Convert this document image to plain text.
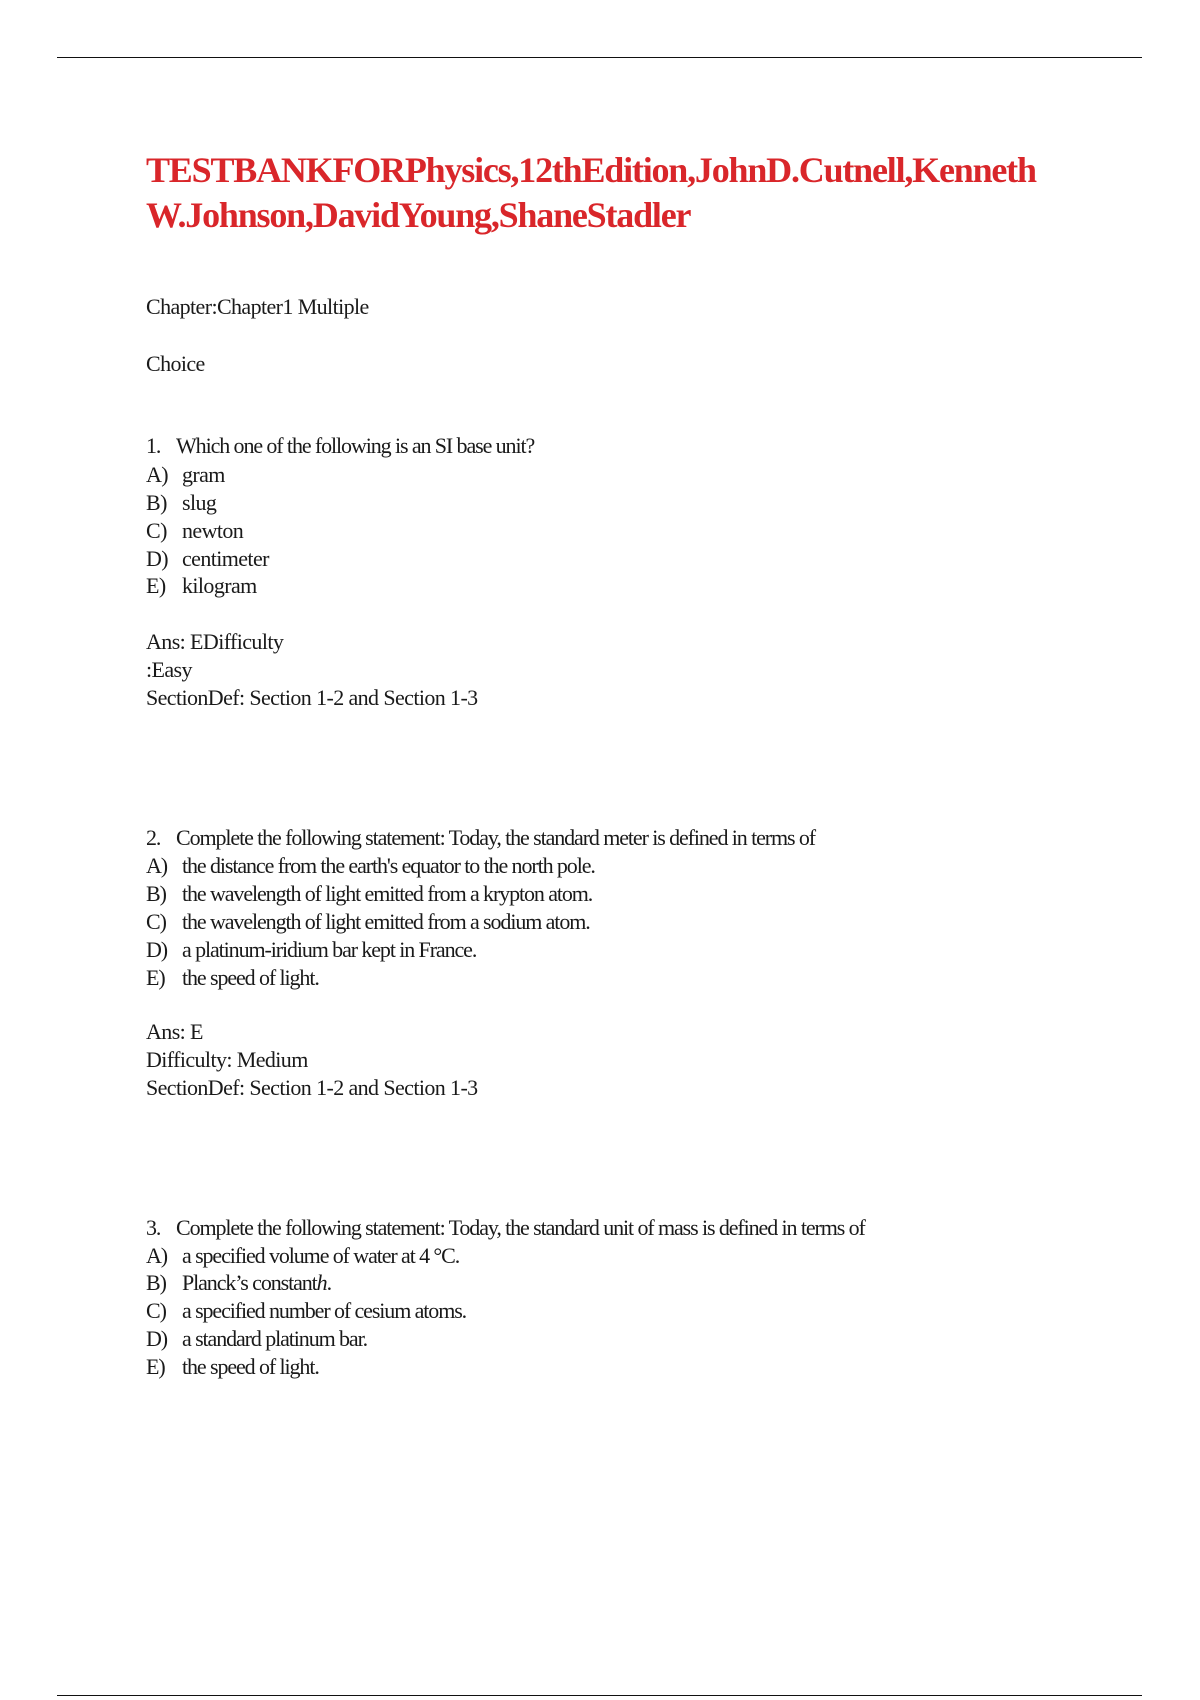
TESTBANKFORPhysics,12thEdition,JohnD.Cutnell,Kenneth
W.Johnson,DavidYoung,ShaneStadler
Chapter:Chapter1 Multiple
Choice
1. Which one of the following is an SI base unit?
A) gram
B) slug
C) newton
D) centimeter
E) kilogram
Ans: EDifficulty
:Easy
SectionDef: Section 1-2 and Section 1-3
2. Complete the following statement: Today, the standard meter is defined in terms of
A) the distance from the earth's equator to the north pole.
B) the wavelength of light emitted from a krypton atom.
C) the wavelength of light emitted from a sodium atom.
D) a platinum-iridium bar kept in France.
E) the speed of light.
Ans: E
Difficulty: Medium
SectionDef: Section 1-2 and Section 1-3
3. Complete the following statement: Today, the standard unit of mass is defined in terms of
A) a specified volume of water at 4 °C.
B) Planck’s constanth.
C) a specified number of cesium atoms.
D) a standard platinum bar.
E) the speed of light.
